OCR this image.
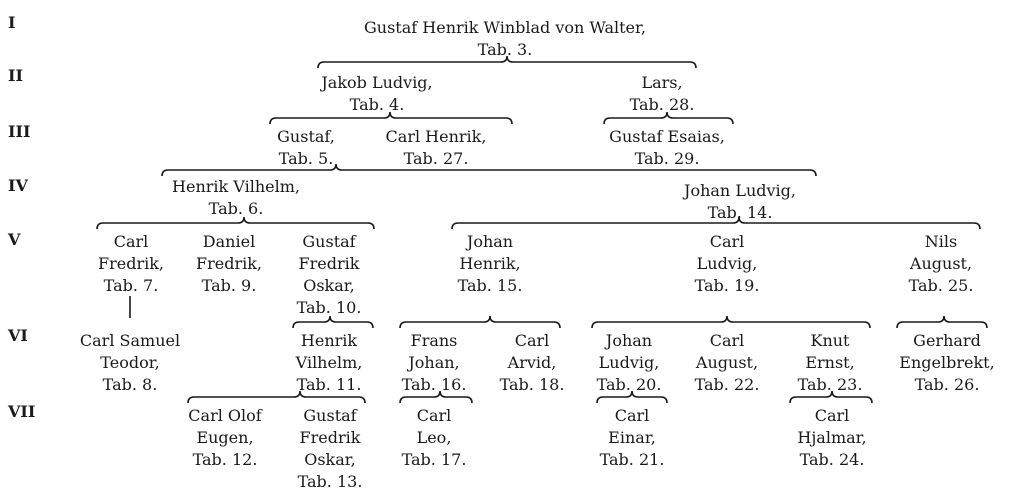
I
II
III
IV
V
VI
VII
Gustaf Henrik Winblad von Walter,
Tab. 3.
Jakob Ludvig,
Tab. 4.
Lars,
Tab. 28.
Gustaf,
Tab. 5.
Carl Henrik,
Tab. 27.
Gustaf Esaias,
Tab. 29.
Henrik Vilhelm,
Tab. 6.
Johan Ludvig,
Tab. 14.
Carl
Fredrik,
Tab. 7.
Daniel
Fredrik,
Tab. 9.
Gustaf
Fredrik
Oskar,
Tab. 10.
Johan
Henrik,
Tab. 15.
Carl
Ludvig,
Tab. 19.
Nils
August,
Tab. 25.
Carl Samuel
Teodor,
Tab. 8.
Henrik
Vilhelm,
Tab. 11.
Frans
Johan,
Tab. 16.
Carl
Arvid,
Tab. 18.
Johan
Ludvig,
Tab. 20.
Carl
August,
Tab. 22.
Knut
Ernst,
Tab. 23.
Gerhard
Engelbrekt,
Tab. 26.
Carl Olof
Eugen,
Tab. 12.
Gustaf
Fredrik
Oskar,
Tab. 13.
Carl
Leo,
Tab. 17.
Carl
Einar,
Tab. 21.
Carl
Hjalmar,
Tab. 24.
